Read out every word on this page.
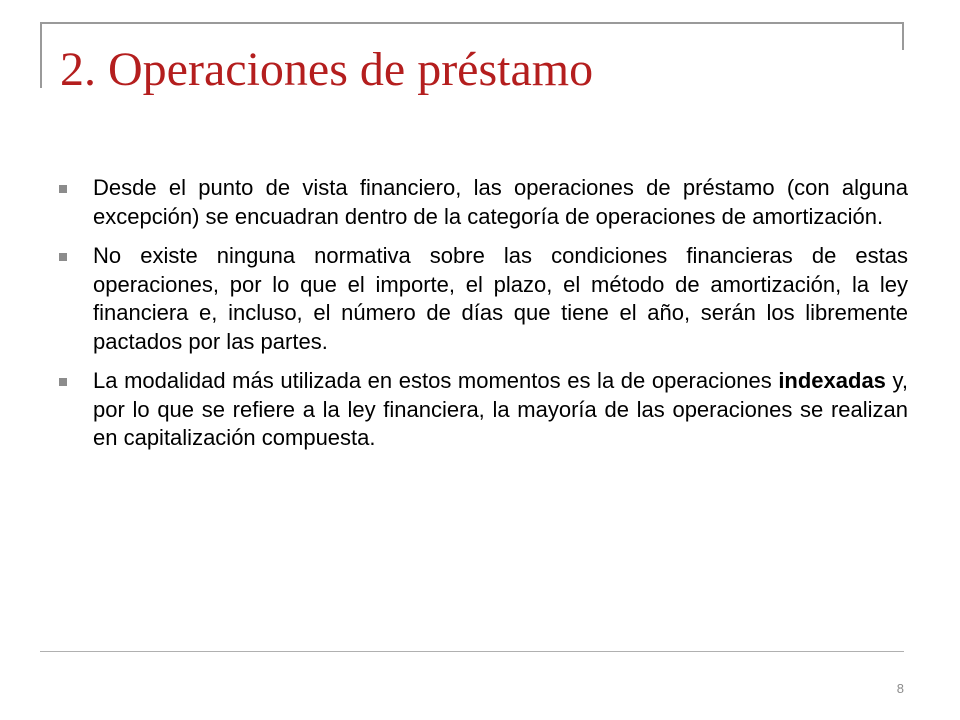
2. Operaciones de préstamo
Desde el punto de vista financiero, las operaciones de préstamo (con alguna excepción) se encuadran dentro de la categoría de operaciones de amortización.
No existe ninguna normativa sobre las condiciones financieras de estas operaciones, por lo que el importe, el plazo, el método de amortización, la ley financiera e, incluso, el número de días que tiene el año, serán los libremente pactados por las partes.
La modalidad más utilizada en estos momentos es la de operaciones indexadas y, por lo que se refiere a la ley financiera, la mayoría de las operaciones se realizan en capitalización compuesta.
8
